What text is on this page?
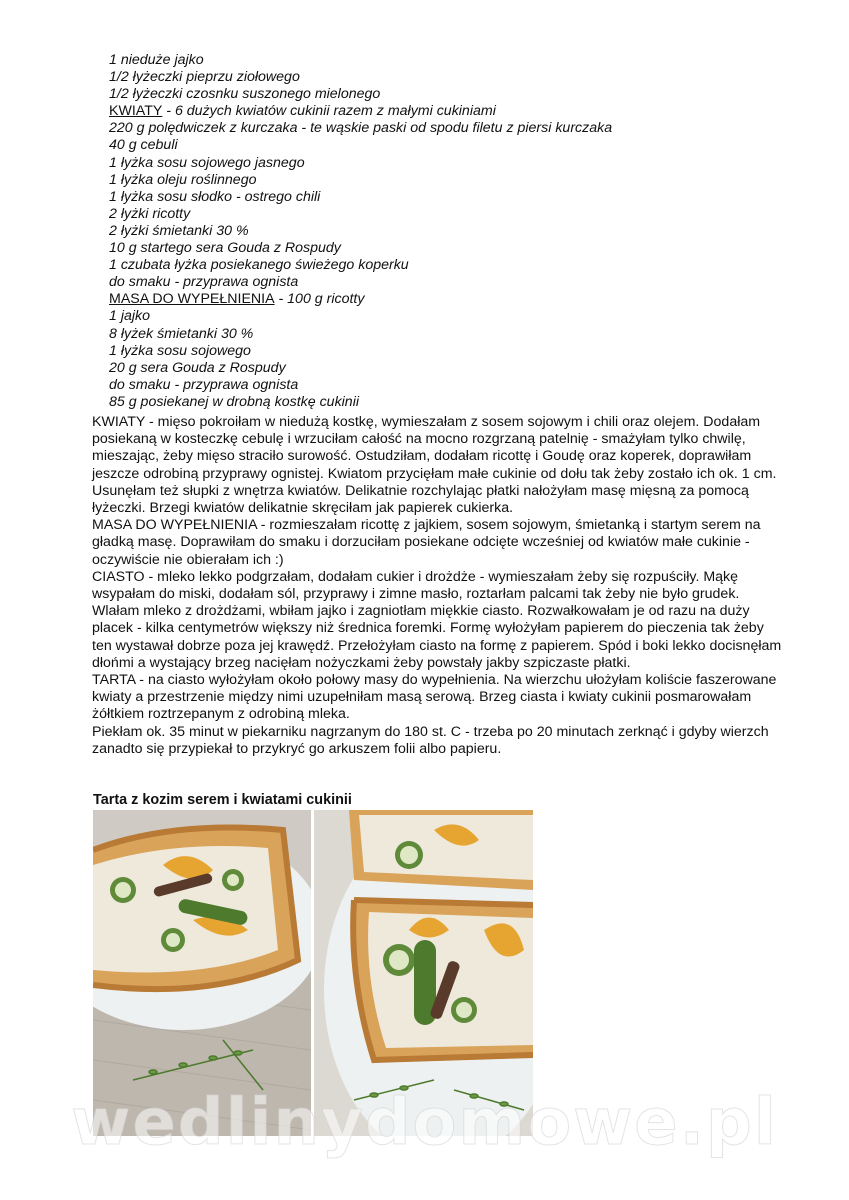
1 nieduże jajko
1/2 łyżeczki pieprzu ziołowego
1/2 łyżeczki czosnku suszonego mielonego
KWIATY - 6 dużych kwiatów cukinii razem z małymi cukiniami
220 g polędwiczek z kurczaka - te wąskie paski od spodu filetu z piersi kurczaka
40 g cebuli
1 łyżka sosu sojowego jasnego
1 łyżka oleju roślinnego
1 łyżka sosu słodko - ostrego chili
2 łyżki ricotty
2 łyżki śmietanki 30 %
10 g startego sera Gouda z Rospudy
1 czubata łyżka posiekanego świeżego koperku
do smaku - przyprawa ognista
MASA DO WYPEŁNIENIA - 100 g ricotty
1 jajko
8 łyżek śmietanki 30 %
1 łyżka sosu sojowego
20 g sera Gouda z Rospudy
do smaku - przyprawa ognista
85 g posiekanej w drobną kostkę cukinii

KWIATY - mięso pokroiłam w niedużą kostkę, wymieszałam z sosem sojowym i chili oraz olejem. Dodałam posiekaną w kosteczkę cebulę i wrzuciłam całość na mocno rozgrzaną patelnię - smażyłam tylko chwilę, mieszając, żeby mięso straciło surowość. Ostudziłam, dodałam ricottę i Goudę oraz koperek, doprawiłam jeszcze odrobiną przyprawy ognistej. Kwiatom przycięłam małe cukinie od dołu tak żeby zostało ich ok. 1 cm. Usunęłam też słupki z wnętrza kwiatów. Delikatnie rozchylając płatki nałożyłam masę mięsną za pomocą łyżeczki. Brzegi kwiatów delikatnie skręciłam jak papierek cukierka.

MASA DO WYPEŁNIENIA - rozmieszałam ricottę z jajkiem, sosem sojowym, śmietanką i startym serem na gładką masę. Doprawiłam do smaku i dorzuciłam posiekane odcięte wcześniej od kwiatów małe cukinie - oczywiście nie obierałam ich :)

CIASTO - mleko lekko podgrzałam, dodałam cukier i drożdże - wymieszałam żeby się rozpuściły. Mąkę wsypałam do miski, dodałam sól, przyprawy i zimne masło, roztarłam palcami tak żeby nie było grudek. Wlałam mleko z drożdżami, wbiłam jajko i zagniotłam miękkie ciasto. Rozwałkowałam je od razu na duży placek - kilka centymetrów większy niż średnica foremki. Formę wyłożyłam papierem do pieczenia tak żeby ten wystawał dobrze poza jej krawędź. Przełożyłam ciasto na formę z papierem. Spód i boki lekko docisnęłam dłońmi a wystający brzeg nacięłam nożyczkami żeby powstały jakby szpiczaste płatki.

TARTA - na ciasto wyłożyłam około połowy masy do wypełnienia. Na wierzchu ułożyłam koliście faszerowane kwiaty a przestrzenie między nimi uzupełniłam masą serową. Brzeg ciasta i kwiaty cukinii posmarowałam żółtkiem roztrzepanym z odrobiną mleka.

Piekłam ok. 35 minut w piekarniku nagrzanym do 180 st. C - trzeba po 20 minutach zerknąć i gdyby wierzch zanadto się przypiekał to przykryć go arkuszem folii albo papieru.

Tarta z kozim serem i kwiatami cukinii
wedlinydomowe.pl
